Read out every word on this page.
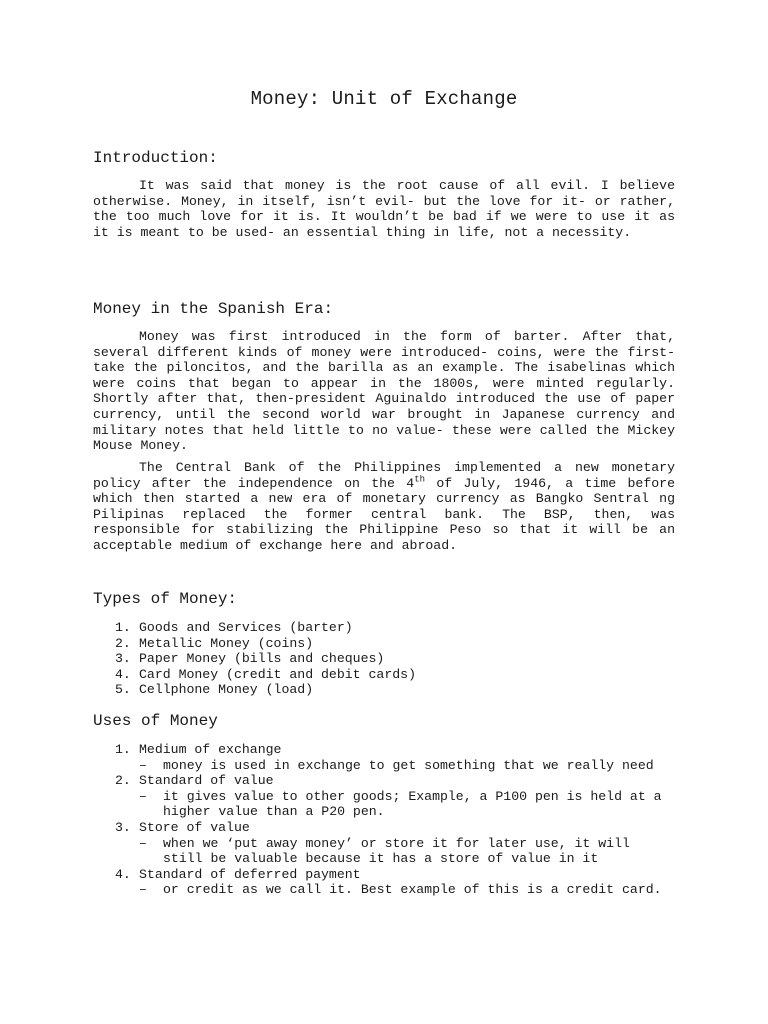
Money: Unit of Exchange
Introduction:

It was said that money is the root cause of all evil. I believe otherwise. Money, in itself, isn’t evil- but the love for it- or rather, the too much love for it is. It wouldn’t be bad if we were to use it as it is meant to be used- an essential thing in life, not a necessity.

Money in the Spanish Era:

Money was first introduced in the form of barter. After that, several different kinds of money were introduced- coins, were the first- take the piloncitos, and the barilla as an example. The isabelinas which were coins that began to appear in the 1800s, were minted regularly. Shortly after that, then-president Aguinaldo introduced the use of paper currency, until the second world war brought in Japanese currency and military notes that held little to no value- these were called the Mickey Mouse Money.

The Central Bank of the Philippines implemented a new monetary policy after the independence on the 4th of July, 1946, a time before which then started a new era of monetary currency as Bangko Sentral ng Pilipinas replaced the former central bank. The BSP, then, was responsible for stabilizing the Philippine Peso so that it will be an acceptable medium of exchange here and abroad.

Types of Money:
1. Goods and Services (barter)
2. Metallic Money (coins)
3. Paper Money (bills and cheques)
4. Card Money (credit and debit cards)
5. Cellphone Money (load)
Uses of Money
1. Medium of exchange
– money is used in exchange to get something that we really need
2. Standard of value
– it gives value to other goods; Example, a P100 pen is held at a higher value than a P20 pen.
3. Store of value
– when we ‘put away money’ or store it for later use, it will still be valuable because it has a store of value in it
4. Standard of deferred payment
– or credit as we call it. Best example of this is a credit card.
